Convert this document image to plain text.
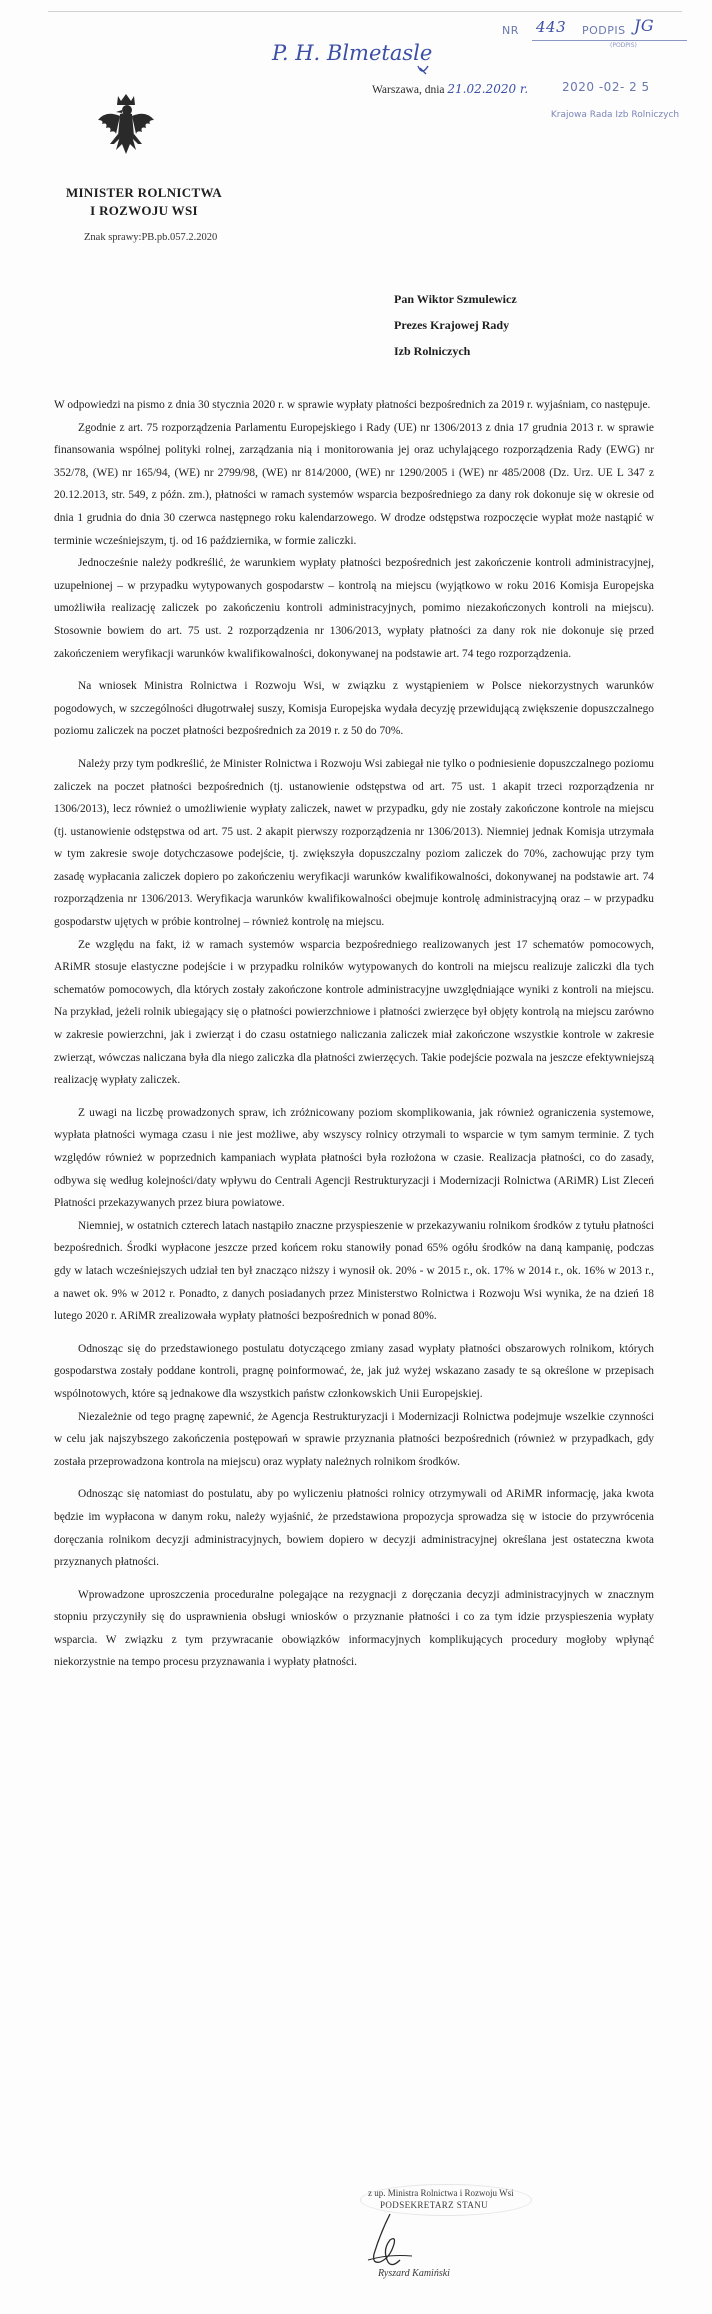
P. H. Blmetasle
NR 443 PODPIS JG
(PODPIS)
2020 -02- 2 5
Krajowa Rada Izb Rolniczych
Warszawa, dnia 21.02.2020 r.
MINISTER ROLNICTWA
I ROZWOJU WSI
Znak sprawy:PB.pb.057.2.2020
Pan Wiktor Szmulewicz
Prezes Krajowej Rady
Izb Rolniczych

W odpowiedzi na pismo z dnia 30 stycznia 2020 r. w sprawie wypłaty płatności bezpośrednich za 2019 r. wyjaśniam, co następuje.

Zgodnie z art. 75 rozporządzenia Parlamentu Europejskiego i Rady (UE) nr 1306/2013 z dnia 17 grudnia 2013 r. w sprawie finansowania wspólnej polityki rolnej, zarządzania nią i monitorowania jej oraz uchylającego rozporządzenia Rady (EWG) nr 352/78, (WE) nr 165/94, (WE) nr 2799/98, (WE) nr 814/2000, (WE) nr 1290/2005 i (WE) nr 485/2008 (Dz. Urz. UE L 347 z 20.12.2013, str. 549, z późn. zm.), płatności w ramach systemów wsparcia bezpośredniego za dany rok dokonuje się w okresie od dnia 1 grudnia do dnia 30 czerwca następnego roku kalendarzowego. W drodze odstępstwa rozpoczęcie wypłat może nastąpić w terminie wcześniejszym, tj. od 16 października, w formie zaliczki.

Jednocześnie należy podkreślić, że warunkiem wypłaty płatności bezpośrednich jest zakończenie kontroli administracyjnej, uzupełnionej – w przypadku wytypowanych gospodarstw – kontrolą na miejscu (wyjątkowo w roku 2016 Komisja Europejska umożliwiła realizację zaliczek po zakończeniu kontroli administracyjnych, pomimo niezakończonych kontroli na miejscu). Stosownie bowiem do art. 75 ust. 2 rozporządzenia nr 1306/2013, wypłaty płatności za dany rok nie dokonuje się przed zakończeniem weryfikacji warunków kwalifikowalności, dokonywanej na podstawie art. 74 tego rozporządzenia.

Na wniosek Ministra Rolnictwa i Rozwoju Wsi, w związku z wystąpieniem w Polsce niekorzystnych warunków pogodowych, w szczególności długotrwałej suszy, Komisja Europejska wydała decyzję przewidującą zwiększenie dopuszczalnego poziomu zaliczek na poczet płatności bezpośrednich za 2019 r. z 50 do 70%.

Należy przy tym podkreślić, że Minister Rolnictwa i Rozwoju Wsi zabiegał nie tylko o podniesienie dopuszczalnego poziomu zaliczek na poczet płatności bezpośrednich (tj. ustanowienie odstępstwa od art. 75 ust. 1 akapit trzeci rozporządzenia nr 1306/2013), lecz również o umożliwienie wypłaty zaliczek, nawet w przypadku, gdy nie zostały zakończone kontrole na miejscu (tj. ustanowienie odstępstwa od art. 75 ust. 2 akapit pierwszy rozporządzenia nr 1306/2013). Niemniej jednak Komisja utrzymała w tym zakresie swoje dotychczasowe podejście, tj. zwiększyła dopuszczalny poziom zaliczek do 70%, zachowując przy tym zasadę wypłacania zaliczek dopiero po zakończeniu weryfikacji warunków kwalifikowalności, dokonywanej na podstawie art. 74 rozporządzenia nr 1306/2013. Weryfikacja warunków kwalifikowalności obejmuje kontrolę administracyjną oraz – w przypadku gospodarstw ujętych w próbie kontrolnej – również kontrolę na miejscu.

Ze względu na fakt, iż w ramach systemów wsparcia bezpośredniego realizowanych jest 17 schematów pomocowych, ARiMR stosuje elastyczne podejście i w przypadku rolników wytypowanych do kontroli na miejscu realizuje zaliczki dla tych schematów pomocowych, dla których zostały zakończone kontrole administracyjne uwzględniające wyniki z kontroli na miejscu. Na przykład, jeżeli rolnik ubiegający się o płatności powierzchniowe i płatności zwierzęce był objęty kontrolą na miejscu zarówno w zakresie powierzchni, jak i zwierząt i do czasu ostatniego naliczania zaliczek miał zakończone wszystkie kontrole w zakresie zwierząt, wówczas naliczana była dla niego zaliczka dla płatności zwierzęcych. Takie podejście pozwala na jeszcze efektywniejszą realizację wypłaty zaliczek.

Z uwagi na liczbę prowadzonych spraw, ich zróżnicowany poziom skomplikowania, jak również ograniczenia systemowe, wypłata płatności wymaga czasu i nie jest możliwe, aby wszyscy rolnicy otrzymali to wsparcie w tym samym terminie. Z tych względów również w poprzednich kampaniach wypłata płatności była rozłożona w czasie. Realizacja płatności, co do zasady, odbywa się według kolejności/daty wpływu do Centrali Agencji Restrukturyzacji i Modernizacji Rolnictwa (ARiMR) List Zleceń Płatności przekazywanych przez biura powiatowe.

Niemniej, w ostatnich czterech latach nastąpiło znaczne przyspieszenie w przekazywaniu rolnikom środków z tytułu płatności bezpośrednich. Środki wypłacone jeszcze przed końcem roku stanowiły ponad 65% ogółu środków na daną kampanię, podczas gdy w latach wcześniejszych udział ten był znacząco niższy i wynosił ok. 20% - w 2015 r., ok. 17% w 2014 r., ok. 16% w 2013 r., a nawet ok. 9% w 2012 r. Ponadto, z danych posiadanych przez Ministerstwo Rolnictwa i Rozwoju Wsi wynika, że na dzień 18 lutego 2020 r. ARiMR zrealizowała wypłaty płatności bezpośrednich w ponad 80%.

Odnosząc się do przedstawionego postulatu dotyczącego zmiany zasad wypłaty płatności obszarowych rolnikom, których gospodarstwa zostały poddane kontroli, pragnę poinformować, że, jak już wyżej wskazano zasady te są określone w przepisach wspólnotowych, które są jednakowe dla wszystkich państw członkowskich Unii Europejskiej.

Niezależnie od tego pragnę zapewnić, że Agencja Restrukturyzacji i Modernizacji Rolnictwa podejmuje wszelkie czynności w celu jak najszybszego zakończenia postępowań w sprawie przyznania płatności bezpośrednich (również w przypadkach, gdy została przeprowadzona kontrola na miejscu) oraz wypłaty należnych rolnikom środków.

Odnosząc się natomiast do postulatu, aby po wyliczeniu płatności rolnicy otrzymywali od ARiMR informację, jaka kwota będzie im wypłacona w danym roku, należy wyjaśnić, że przedstawiona propozycja sprowadza się w istocie do przywrócenia doręczania rolnikom decyzji administracyjnych, bowiem dopiero w decyzji administracyjnej określana jest ostateczna kwota przyznanych płatności.

Wprowadzone uproszczenia proceduralne polegające na rezygnacji z doręczania decyzji administracyjnych w znacznym stopniu przyczyniły się do usprawnienia obsługi wniosków o przyznanie płatności i co za tym idzie przyspieszenia wypłaty wsparcia. W związku z tym przywracanie obowiązków informacyjnych komplikujących procedury mogłoby wpłynąć niekorzystnie na tempo procesu przyznawania i wypłaty płatności.

z up. Ministra Rolnictwa i Rozwoju Wsi
PODSEKRETARZ STANU
Ryszard Kamiński
